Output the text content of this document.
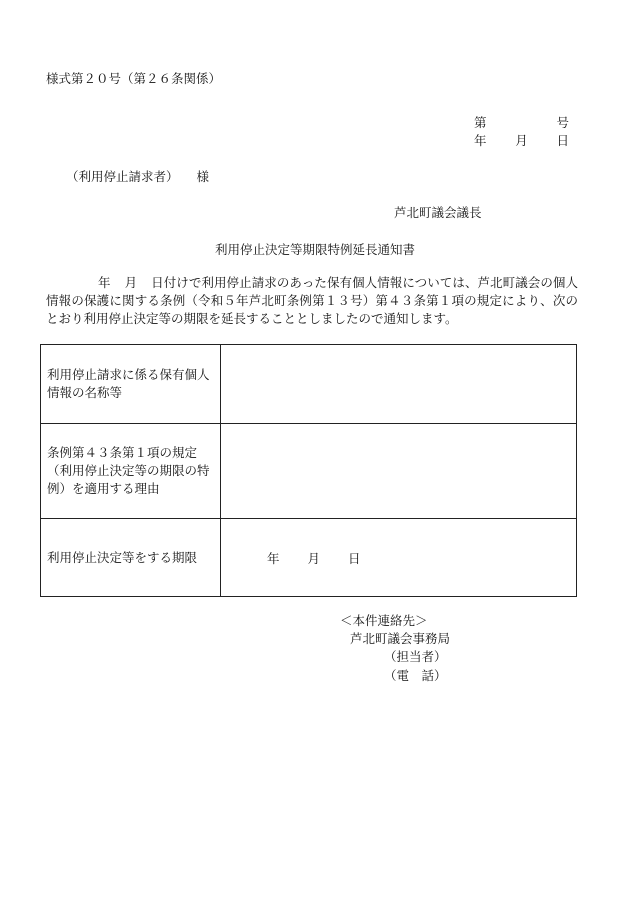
様式第２０号（第２６条関係）
第	号
年 月 日
（利用停止請求者） 様
芦北町議会議長
利用停止決定等期限特例延長通知書
年 月 日付けで利用停止請求のあった保有個人情報については、芦北町議会の個人情報の保護に関する条例（令和５年芦北町条例第１３号）第４３条第１項の規定により、次のとおり利用停止決定等の期限を延長することとしましたので通知します。
利用停止請求に係る保有個人情報の名称等	
条例第４３条第１項の規定（利用停止決定等の期限の特例）を適用する理由	
利用停止決定等をする期限	年 月 日
＜本件連絡先＞
芦北町議会事務局
（担当者）
（電　話）
